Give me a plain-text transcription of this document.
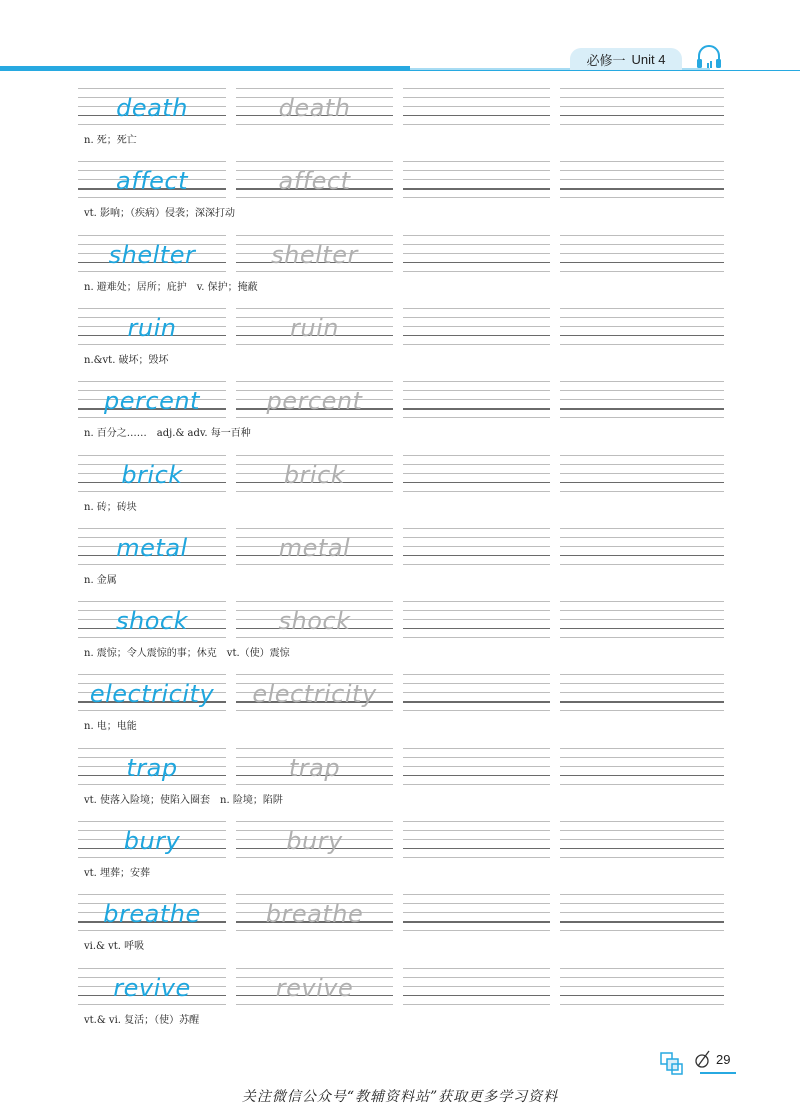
必修一 Unit 4
death	death
n. 死；死亡
affect	affect
vt. 影响；（疾病）侵袭；深深打动
shelter	shelter
n. 避难处；居所；庇护　v. 保护；掩蔽
ruin	ruin
n.&vt. 破坏；毁坏
percent	percent
n. 百分之……　adj.& adv. 每一百种
brick	brick
n. 砖；砖块
metal	metal
n. 金属
shock	shock
n. 震惊；令人震惊的事；休克　vt.（使）震惊
electricity	electricity
n. 电；电能
trap	trap
vt. 使落入险境；使陷入圈套　n. 险境；陷阱
bury	bury
vt. 埋葬；安葬
breathe	breathe
vi.& vt. 呼吸
revive	revive
vt.& vi. 复活；（使）苏醒
29
关注微信公众号“教辅资料站”获取更多学习资料
